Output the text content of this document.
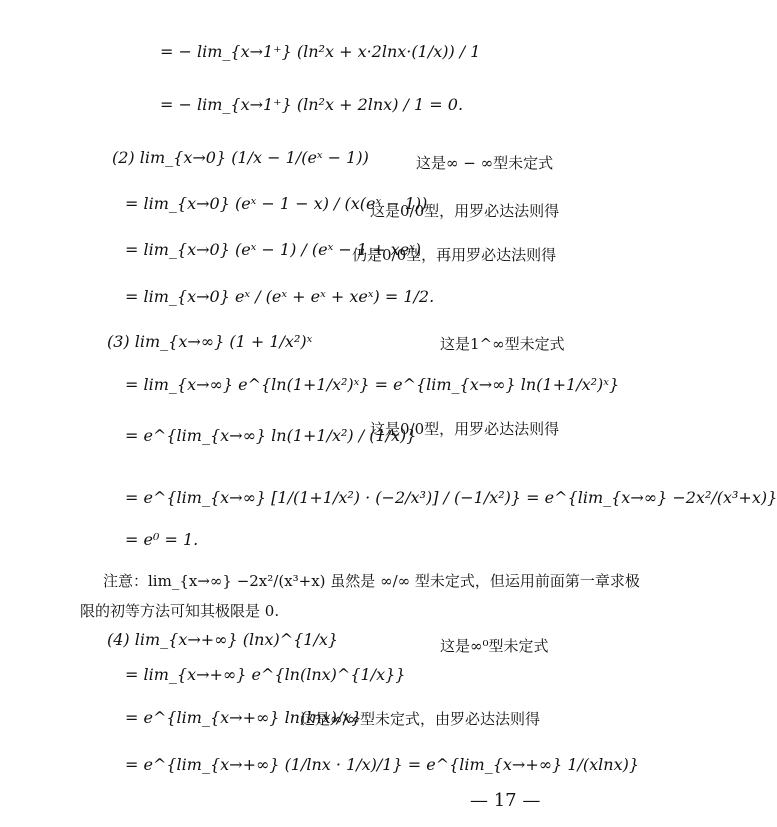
= − lim_{x→1⁺} (ln²x + x·2lnx·(1/x)) / 1
= − lim_{x→1⁺} (ln²x + 2lnx) / 1 = 0.
(2) lim_{x→0} (1/x − 1/(eˣ − 1))	这是∞ − ∞型未定式
= lim_{x→0} (eˣ − 1 − x) / (x(eˣ − 1))
这是0/0型，用罗必达法则得
= lim_{x→0} (eˣ − 1) / (eˣ − 1 + xeˣ)
仍是0/0型，再用罗必达法则得
= lim_{x→0} eˣ / (eˣ + eˣ + xeˣ) = 1/2.
(3) lim_{x→∞} (1 + 1/x²)ˣ	这是1^∞型未定式
= lim_{x→∞} e^{ln(1+1/x²)ˣ} = e^{lim_{x→∞} ln(1+1/x²)ˣ}
= e^{lim_{x→∞} ln(1+1/x²) / (1/x)}
这是0/0型，用罗必达法则得
= e^{lim_{x→∞} [1/(1+1/x²) · (−2/x³)] / (−1/x²)} = e^{lim_{x→∞} −2x²/(x³+x)}
= e⁰ = 1.
注意：lim_{x→∞} −2x²/(x³+x) 虽然是 ∞/∞ 型未定式，但运用前面第一章求极
限的初等方法可知其极限是 0.
(4) lim_{x→+∞} (lnx)^{1/x}	这是∞⁰型未定式
= lim_{x→+∞} e^{ln(lnx)^{1/x}}
= e^{lim_{x→+∞} ln(lnx)/x}
这是∞/∞型未定式，由罗必达法则得
= e^{lim_{x→+∞} (1/lnx · 1/x)/1} = e^{lim_{x→+∞} 1/(xlnx)}
— 17 —
